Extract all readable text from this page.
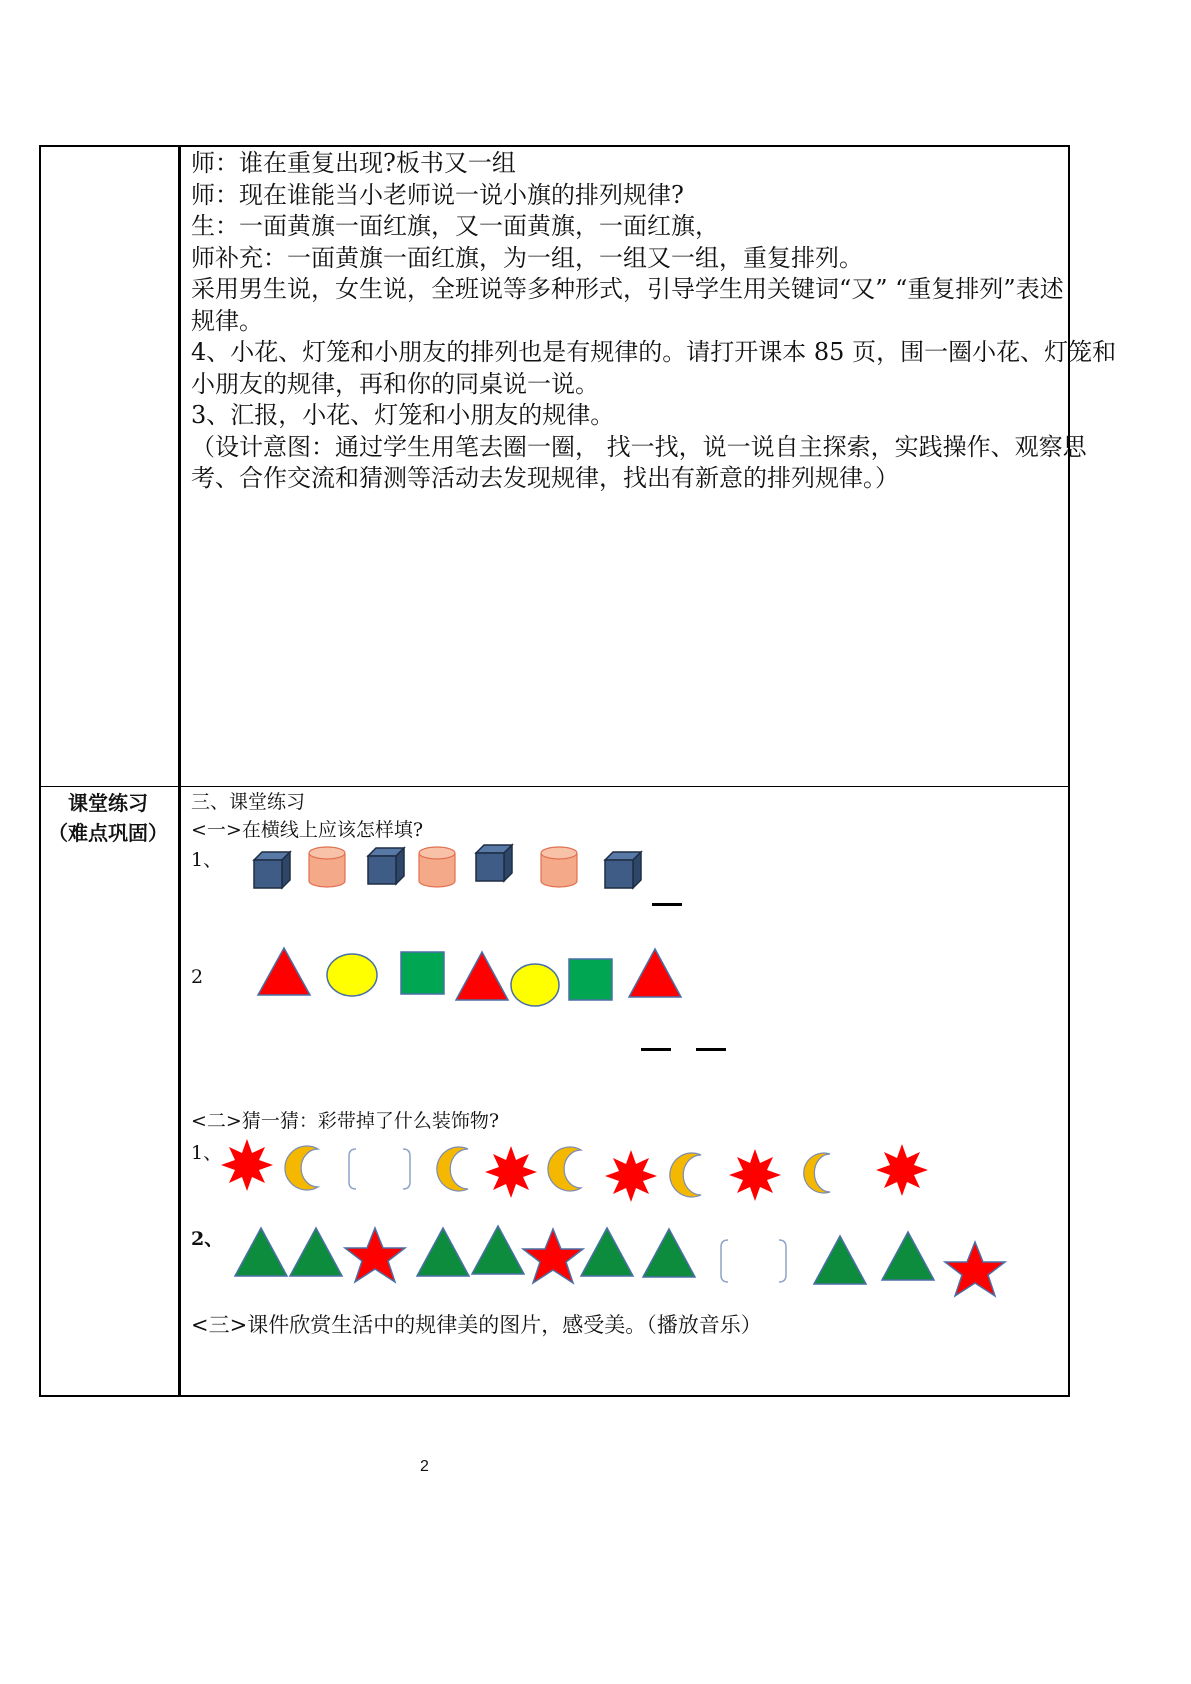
师：谁在重复出现?板书又一组
师：现在谁能当小老师说一说小旗的排列规律?
生：一面黄旗一面红旗，又一面黄旗，一面红旗，
师补充：一面黄旗一面红旗，为一组，一组又一组，重复排列。
采用男生说，女生说，全班说等多种形式，引导学生用关键词“又” “重复排列”表述
规律。
4、小花、灯笼和小朋友的排列也是有规律的。请打开课本 85 页，围一圈小花、灯笼和
小朋友的规律，再和你的同桌说一说。
3、汇报，小花、灯笼和小朋友的规律。
（设计意图：通过学生用笔去圈一圈， 找一找，说一说自主探索，实践操作、观察思
考、合作交流和猜测等活动去发现规律，找出有新意的排列规律。）
课堂练习
（难点巩固）
三、课堂练习
<一>在横线上应该怎样填?
1、
2
<二>猜一猜：彩带掉了什么装饰物?
1、
2、
<三>课件欣赏生活中的规律美的图片，感受美。（播放音乐）
2
